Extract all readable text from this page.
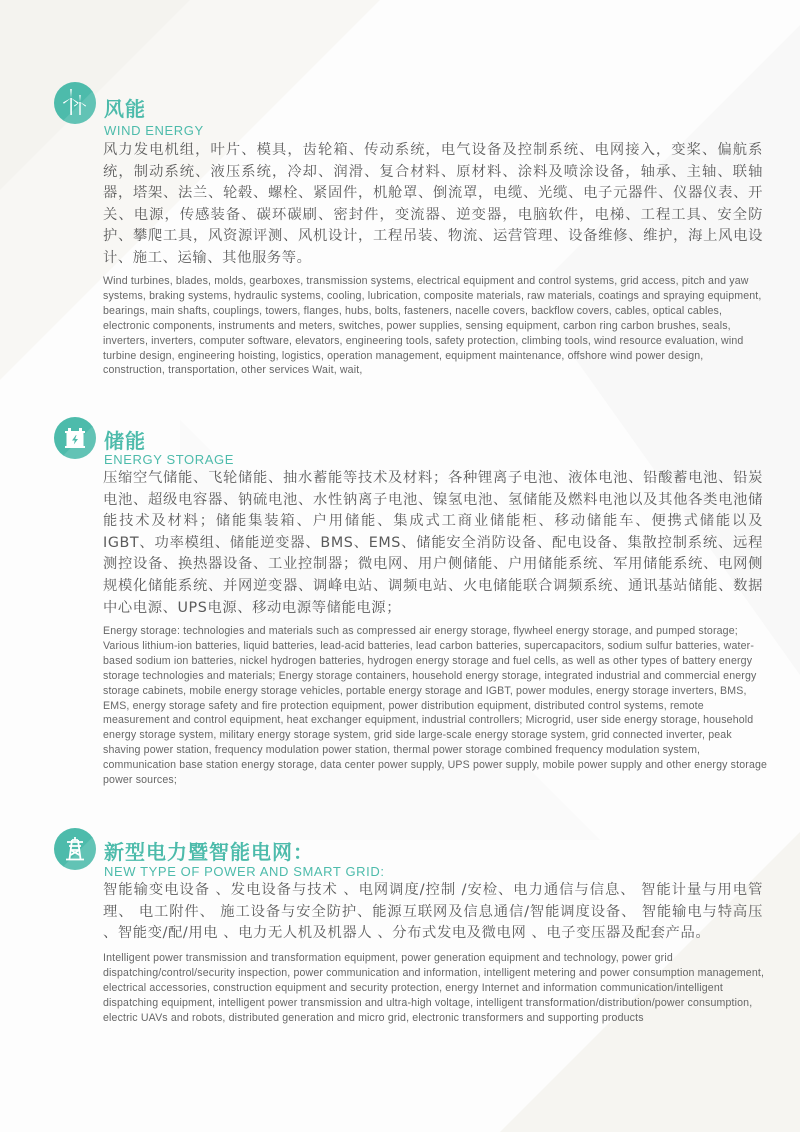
风能
WIND ENERGY
风力发电机组，叶片、模具，齿轮箱、传动系统，电气设备及控制系统、电网接入，变桨、偏航系统，制动系统、液压系统，冷却、润滑、复合材料、原材料、涂料及喷涂设备，轴承、主轴、联轴器，塔架、法兰、轮毂、螺栓、紧固件，机舱罩、倒流罩，电缆、光缆、电子元器件、仪器仪表、开关、电源，传感装备、碳环碳刷、密封件，变流器、逆变器，电脑软件，电梯、工程工具、安全防护、攀爬工具，风资源评测、风机设计，工程吊装、物流、运营管理、设备维修、维护，海上风电设计、施工、运输、其他服务等。
Wind turbines, blades, molds, gearboxes, transmission systems, electrical equipment and control systems, grid access, pitch and yaw systems, braking systems, hydraulic systems, cooling, lubrication, composite materials, raw materials, coatings and spraying equipment, bearings, main shafts, couplings, towers, flanges, hubs, bolts, fasteners, nacelle covers, backflow covers, cables, optical cables, electronic components, instruments and meters, switches, power supplies, sensing equipment, carbon ring carbon brushes, seals, inverters, inverters, computer software, elevators, engineering tools, safety protection, climbing tools, wind resource evaluation, wind turbine design, engineering hoisting, logistics, operation management, equipment maintenance, offshore wind power design, construction, transportation, other services Wait, wait,
储能
ENERGY STORAGE
压缩空气储能、飞轮储能、抽水蓄能等技术及材料；各种锂离子电池、液体电池、铅酸蓄电池、铅炭电池、超级电容器、钠硫电池、水性钠离子电池、镍氢电池、氢储能及燃料电池以及其他各类电池储能技术及材料；储能集装箱、户用储能、集成式工商业储能柜、移动储能车、便携式储能以及IGBT、功率模组、储能逆变器、BMS、EMS、储能安全消防设备、配电设备、集散控制系统、远程测控设备、换热器设备、工业控制器；微电网、用户侧储能、户用储能系统、军用储能系统、电网侧规模化储能系统、并网逆变器、调峰电站、调频电站、火电储能联合调频系统、通讯基站储能、数据中心电源、UPS电源、移动电源等储能电源；
Energy storage: technologies and materials such as compressed air energy storage, flywheel energy storage, and pumped storage; Various lithium-ion batteries, liquid batteries, lead-acid batteries, lead carbon batteries, supercapacitors, sodium sulfur batteries, water-based sodium ion batteries, nickel hydrogen batteries, hydrogen energy storage and fuel cells, as well as other types of battery energy storage technologies and materials; Energy storage containers, household energy storage, integrated industrial and commercial energy storage cabinets, mobile energy storage vehicles, portable energy storage and IGBT, power modules, energy storage inverters, BMS, EMS, energy storage safety and fire protection equipment, power distribution equipment, distributed control systems, remote measurement and control equipment, heat exchanger equipment, industrial controllers; Microgrid, user side energy storage, household energy storage system, military energy storage system, grid side large-scale energy storage system, grid connected inverter, peak shaving power station, frequency modulation power station, thermal power storage combined frequency modulation system, communication base station energy storage, data center power supply, UPS power supply, mobile power supply and other energy storage power sources;
新型电力暨智能电网：
NEW TYPE OF POWER AND SMART GRID:
智能输变电设备 、发电设备与技术 、电网调度/控制 /安检、电力通信与信息、 智能计量与用电管理、 电工附件、 施工设备与安全防护、能源互联网及信息通信/智能调度设备、 智能输电与特高压 、智能变/配/用电 、电力无人机及机器人 、分布式发电及微电网 、电子变压器及配套产品。
Intelligent power transmission and transformation equipment, power generation equipment and technology, power grid dispatching/control/security inspection, power communication and information, intelligent metering and power consumption management, electrical accessories, construction equipment and security protection, energy Internet and information communication/intelligent dispatching equipment, intelligent power transmission and ultra-high voltage, intelligent transformation/distribution/power consumption, electric UAVs and robots, distributed generation and micro grid, electronic transformers and supporting products
